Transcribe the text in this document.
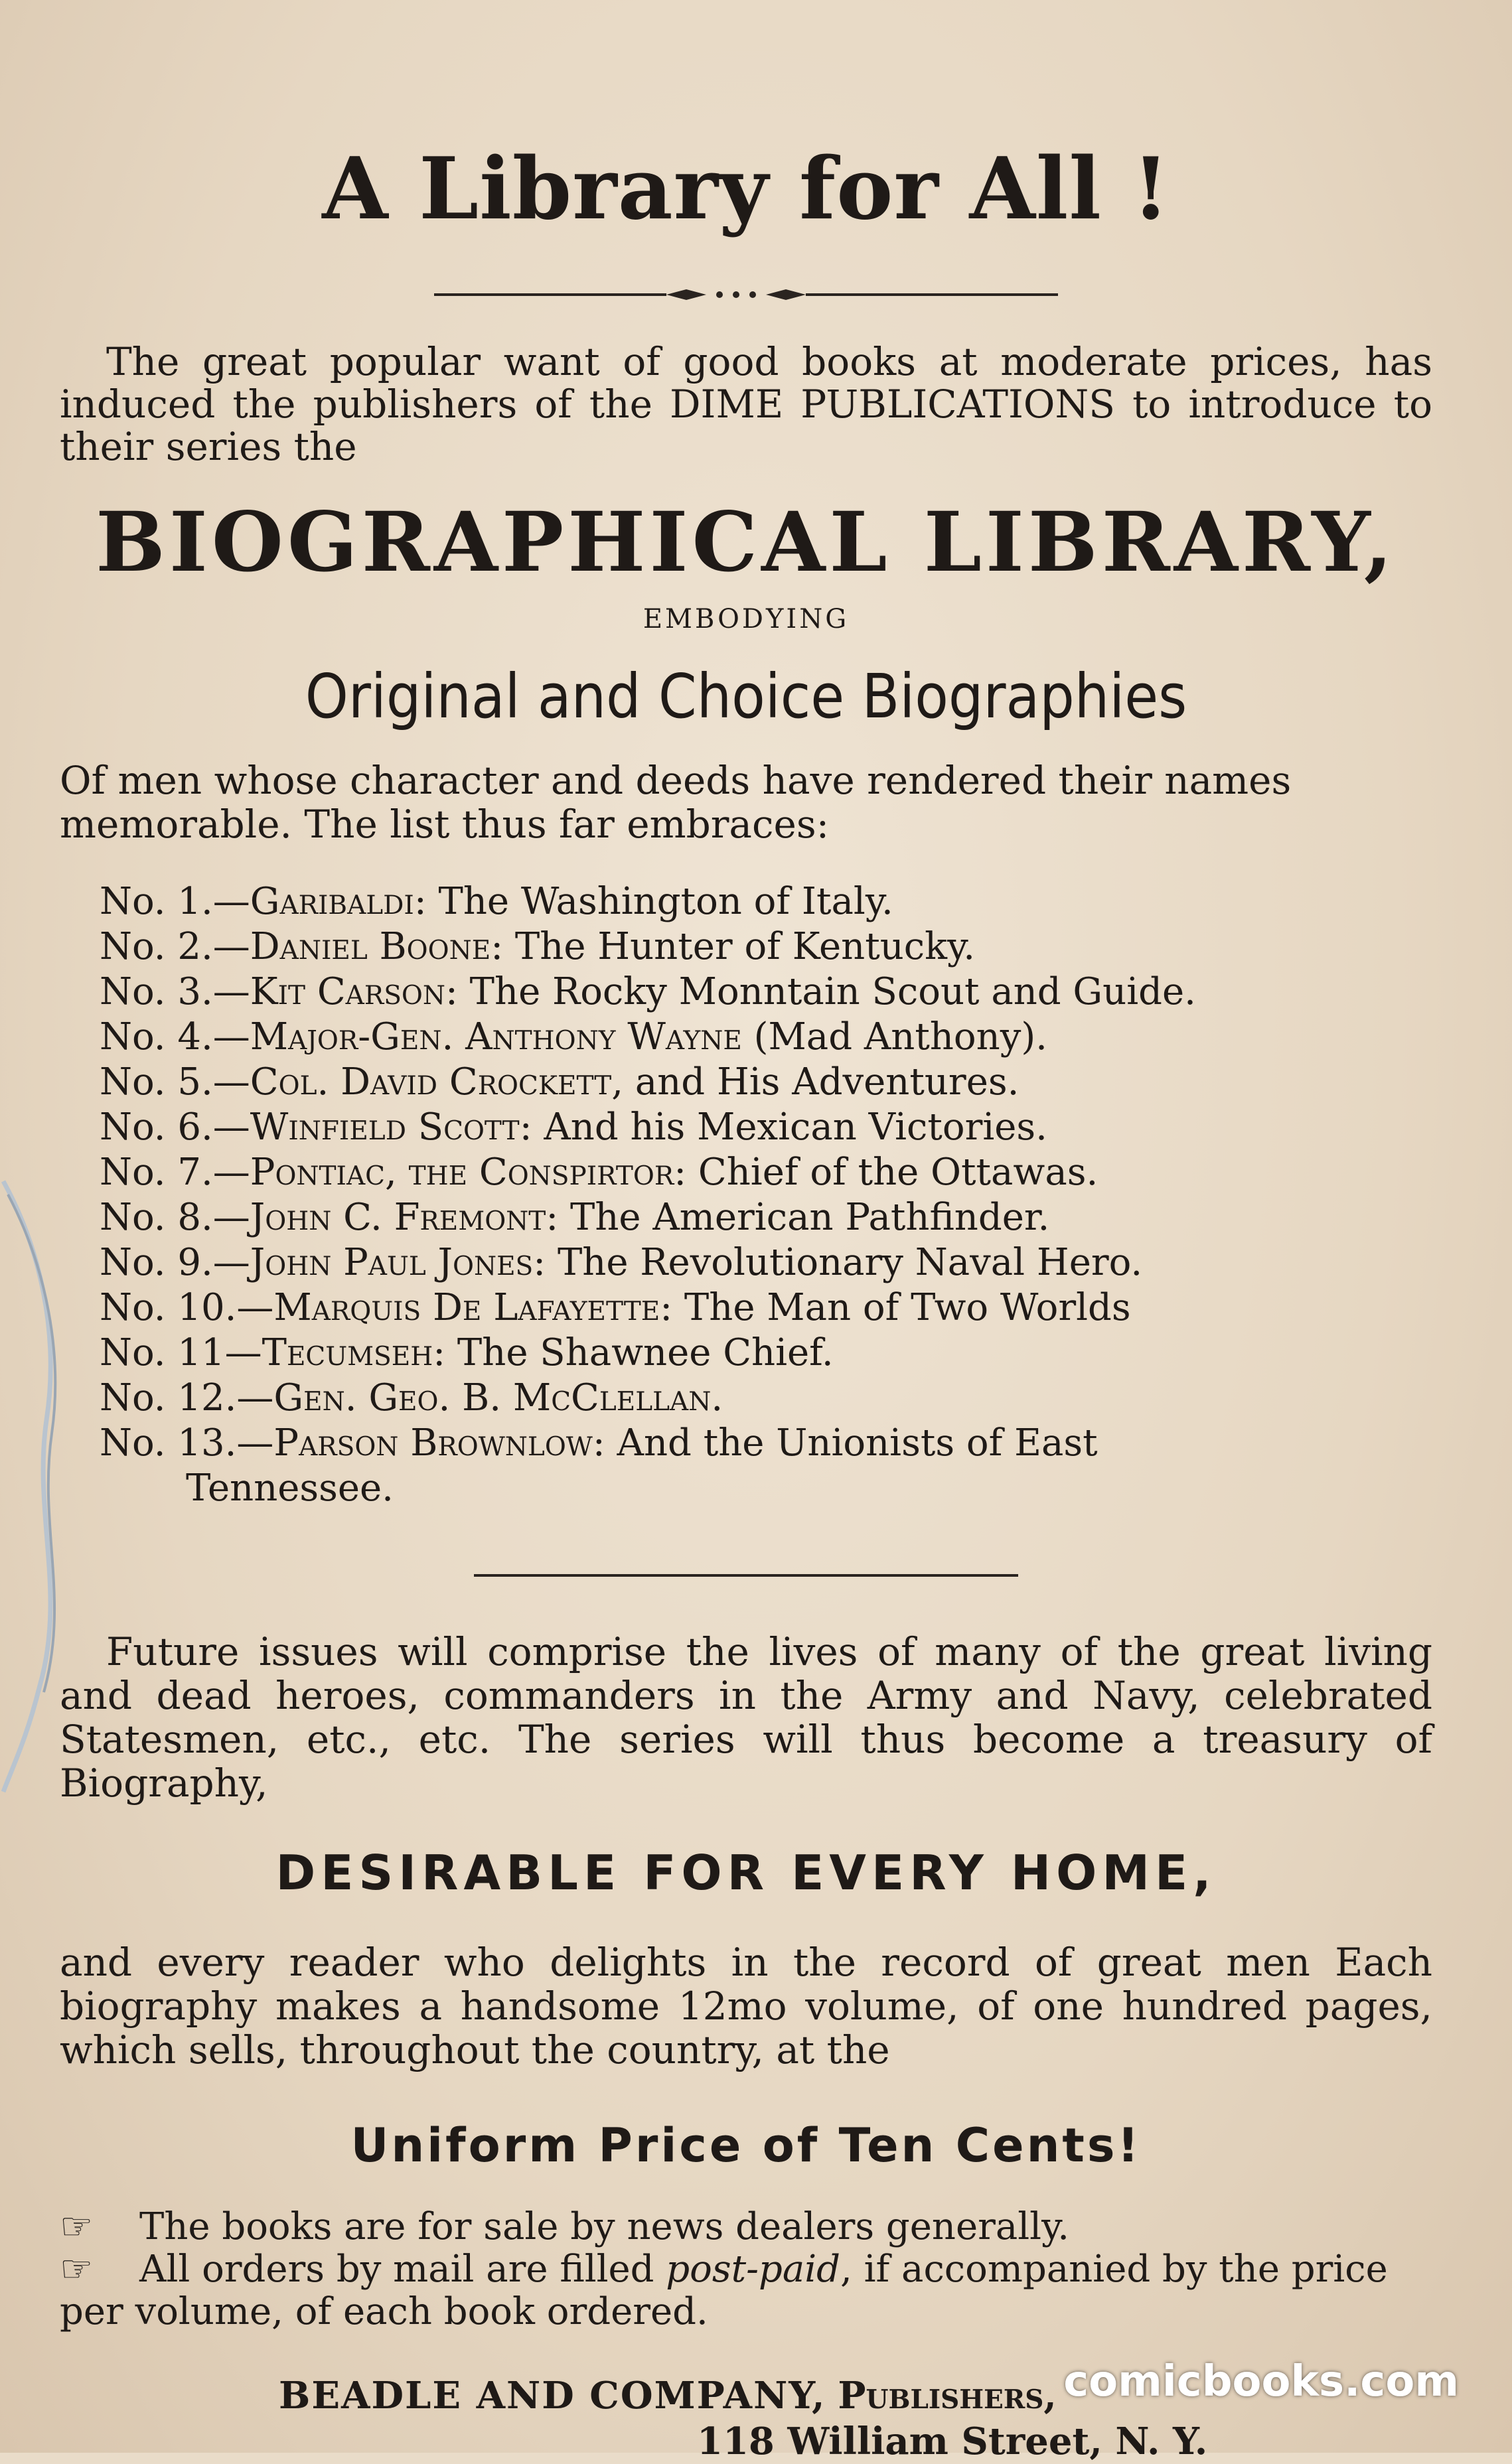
A Library for All !

The great popular want of good books at moderate prices, has induced the publishers of the DIME PUBLICATIONS to introduce to their series the

BIOGRAPHICAL LIBRARY,
EMBODYING
Original and Choice Biographies

Of men whose character and deeds have rendered their names memorable. The list thus far embraces:

No. 1.—Garibaldi: The Washington of Italy.
No. 2.—Daniel Boone: The Hunter of Kentucky.
No. 3.—Kit Carson: The Rocky Monntain Scout and Guide.
No. 4.—Major-Gen. Anthony Wayne (Mad Anthony).
No. 5.—Col. David Crockett, and His Adventures.
No. 6.—Winfield Scott: And his Mexican Victories.
No. 7.—Pontiac, the Conspirtor: Chief of the Ottawas.
No. 8.—John C. Fremont: The American Pathfinder.
No. 9.—John Paul Jones: The Revolutionary Naval Hero.
No. 10.—Marquis De Lafayette: The Man of Two Worlds
No. 11—Tecumseh: The Shawnee Chief.
No. 12.—Gen. Geo. B. McClellan.
No. 13.—Parson Brownlow: And the Unionists of East
Tennessee.

Future issues will comprise the lives of many of the great living and dead heroes, commanders in the Army and Navy, celebrated Statesmen, etc., etc. The series will thus become a treasury of Biography,

DESIRABLE FOR EVERY HOME,

and every reader who delights in the record of great men Each biography makes a handsome 12mo volume, of one hundred pages, which sells, throughout the country, at the

Uniform Price of Ten Cents!

☞ The books are for sale by news dealers generally.

☞ All orders by mail are filled post-paid, if accompanied by the price per volume, of each book ordered.

BEADLE AND COMPANY, Publishers,
118 William Street, N. Y.
comicbooks.com
